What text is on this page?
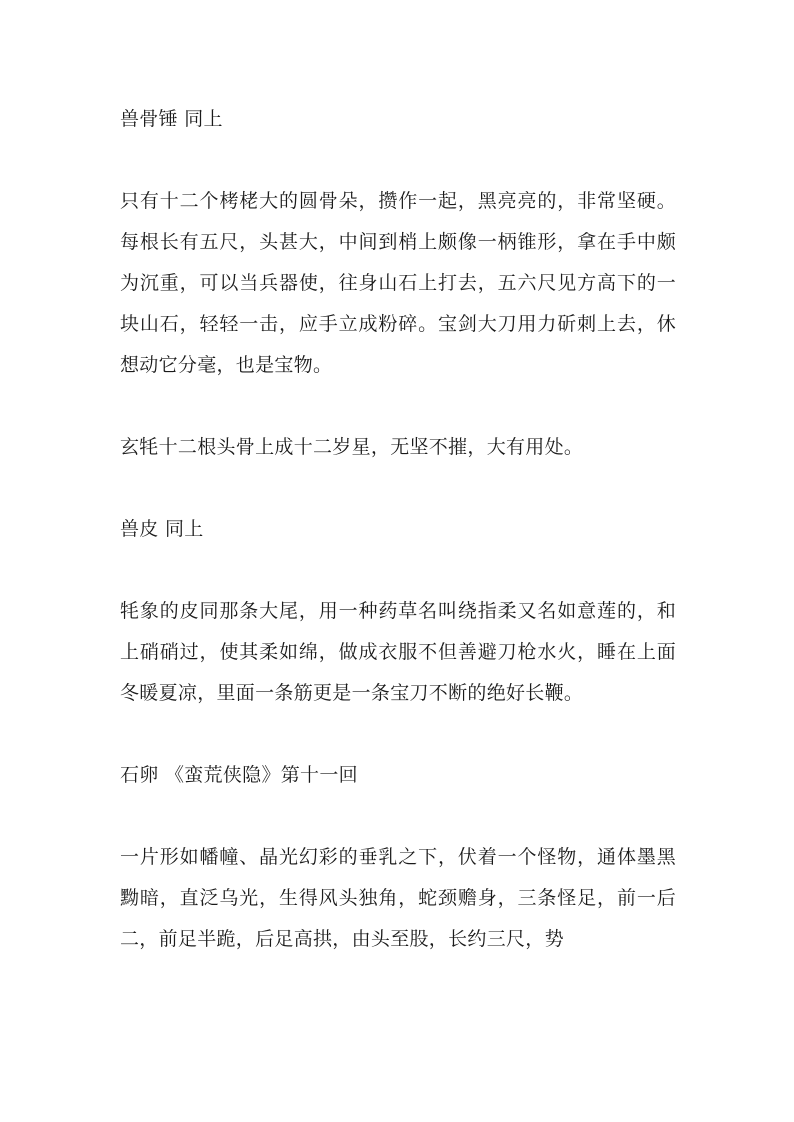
兽骨锤 同上

只有十二个栲栳大的圆骨朵，攒作一起，黑亮亮的，非常坚硬。每根长有五尺，头甚大，中间到梢上颇像一柄锥形，拿在手中颇为沉重，可以当兵器使，往身山石上打去，五六尺见方高下的一块山石，轻轻一击，应手立成粉碎。宝剑大刀用力斫刺上去，休想动它分毫，也是宝物。

玄牦十二根头骨上成十二岁星，无坚不摧，大有用处。

兽皮 同上

牦象的皮同那条大尾，用一种药草名叫绕指柔又名如意莲的，和上硝硝过，使其柔如绵，做成衣服不但善避刀枪水火，睡在上面冬暖夏凉，里面一条筋更是一条宝刀不断的绝好长鞭。

石卵 《蛮荒侠隐》第十一回

一片形如幡幢、晶光幻彩的垂乳之下，伏着一个怪物，通体墨黑黝暗，直泛乌光，生得风头独角，蛇颈赡身，三条怪足，前一后二，前足半跪，后足高拱，由头至股，长约三尺，势
